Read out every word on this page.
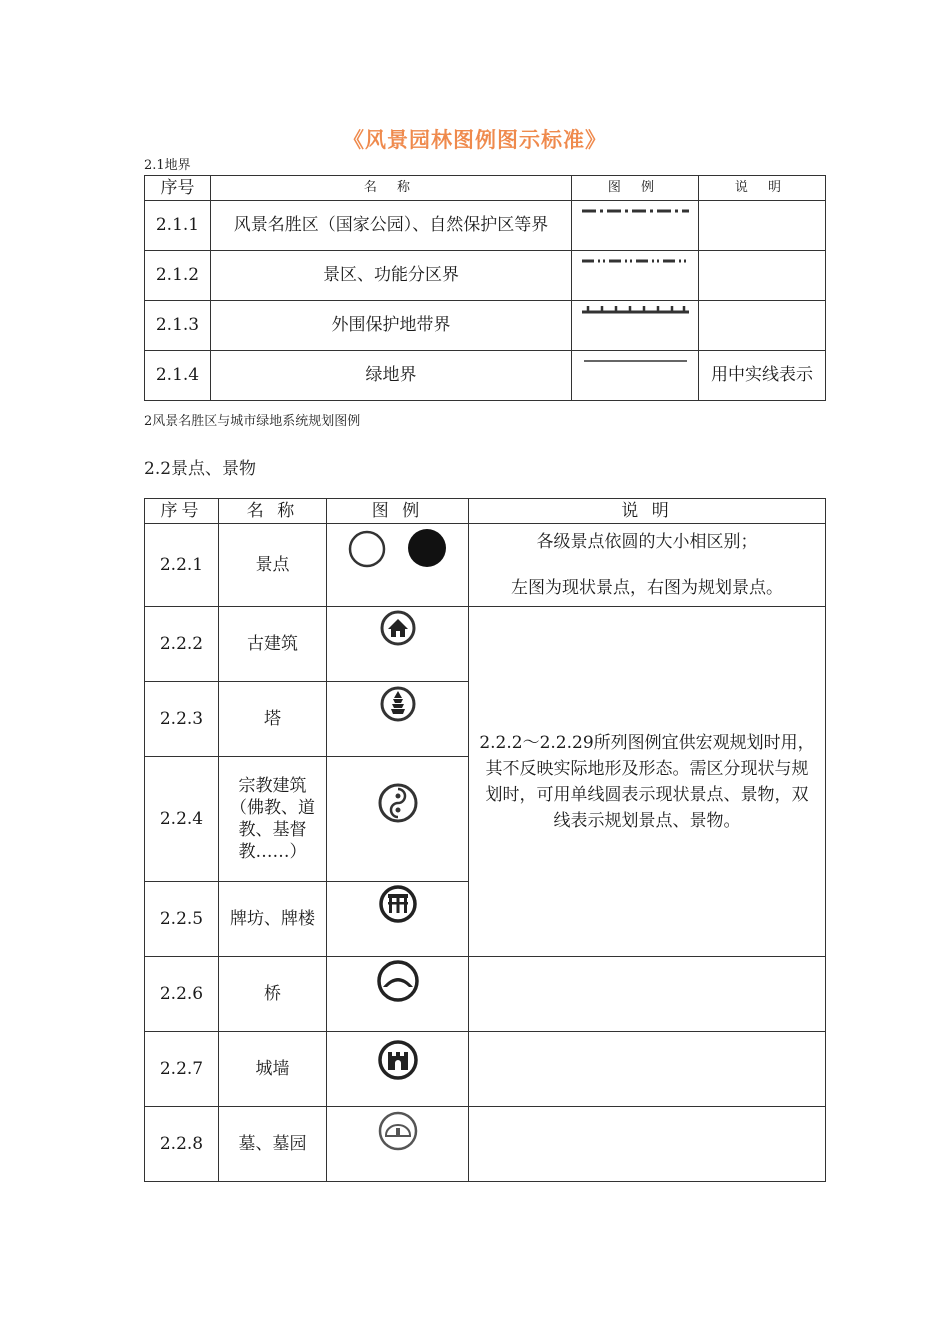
《风景园林图例图示标准》
2.1地界
序号	名 称	图 例	说 明
2.1.1	风景名胜区（国家公园）、自然保护区等界	

2.1.2	景区、功能分区界	

2.1.3	外围保护地带界	

2.1.4	绿地界		用中实线表示
2风景名胜区与城市绿地系统规划图例
2.2景点、景物
序号	名 称	图 例	说 明
2.2.1	景点		各级景点依圆的大小相区别；
左图为现状景点，右图为规划景点。

2.2.2	古建筑		2.2.2～2.2.29所列图例宜供宏观规划时用，其不反映实际地形及形态。需区分现状与规划时，可用单线圆表示现状景点、景物，双线表示规划景点、景物。

2.2.3	塔	

2.2.4	宗教建筑（佛教、道教、基督教……）	

2.2.5	牌坊、牌楼	

2.2.6	桥	

2.2.7	城墙	

2.2.8	墓、墓园	
